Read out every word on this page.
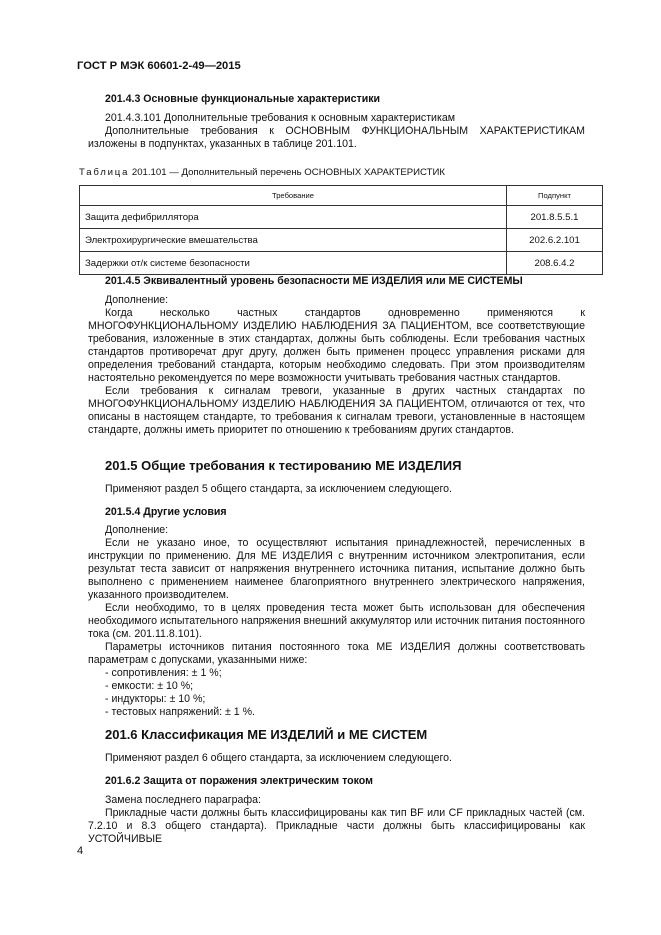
ГОСТ Р МЭК 60601-2-49—2015
201.4.3 Основные функциональные характеристики

201.4.3.101 Дополнительные требования к основным характеристикам

Дополнительные требования к ОСНОВНЫМ ФУНКЦИОНАЛЬНЫМ ХАРАКТЕРИСТИКАМ изложены в подпунктах, указанных в таблице 201.101.

Таблица 201.101 — Дополнительный перечень ОСНОВНЫХ ХАРАКТЕРИСТИК
Требование	Подпункт
Защита дефибриллятора	201.8.5.5.1
Электрохирургические вмешательства	202.6.2.101
Задержки от/к системе безопасности	208.6.4.2
201.4.5 Эквивалентный уровень безопасности МЕ ИЗДЕЛИЯ или МЕ СИСТЕМЫ

Дополнение:

Когда несколько частных стандартов одновременно применяются к МНОГОФУНКЦИОНАЛЬНОМУ ИЗДЕЛИЮ НАБЛЮДЕНИЯ ЗА ПАЦИЕНТОМ, все соответствующие требования, изложенные в этих стандартах, должны быть соблюдены. Если требования частных стандартов противоречат друг другу, должен быть применен процесс управления рисками для определения требований стандарта, которым необходимо следовать. При этом производителям настоятельно рекомендуется по мере возможности учитывать требования частных стандартов.

Если требования к сигналам тревоги, указанные в других частных стандартах по МНОГОФУНКЦИОНАЛЬНОМУ ИЗДЕЛИЮ НАБЛЮДЕНИЯ ЗА ПАЦИЕНТОМ, отличаются от тех, что описаны в настоящем стандарте, то требования к сигналам тревоги, установленные в настоящем стандарте, должны иметь приоритет по отношению к требованиям других стандартов.

201.5 Общие требования к тестированию МЕ ИЗДЕЛИЯ
Применяют раздел 5 общего стандарта, за исключением следующего.
201.5.4 Другие условия

Дополнение:

Если не указано иное, то осуществляют испытания принадлежностей, перечисленных в инструкции по применению. Для МЕ ИЗДЕЛИЯ с внутренним источником электропитания, если результат теста зависит от напряжения внутреннего источника питания, испытание должно быть выполнено с применением наименее благоприятного внутреннего электрического напряжения, указанного производителем.

Если необходимо, то в целях проведения теста может быть использован для обеспечения необходимого испытательного напряжения внешний аккумулятор или источник питания постоянного тока (см. 201.11.8.101).

Параметры источников питания постоянного тока МЕ ИЗДЕЛИЯ должны соответствовать параметрам с допусками, указанными ниже:

- сопротивления: ± 1 %;
- емкости: ± 10 %;
- индукторы: ± 10 %;
- тестовых напряжений: ± 1 %.
201.6 Классификация МЕ ИЗДЕЛИЙ и МЕ СИСТЕМ
Применяют раздел 6 общего стандарта, за исключением следующего.
201.6.2 Защита от поражения электрическим током

Замена последнего параграфа:

Прикладные части должны быть классифицированы как тип BF или CF прикладных частей (см. 7.2.10 и 8.3 общего стандарта). Прикладные части должны быть классифицированы как УСТОЙЧИВЫЕ

4
